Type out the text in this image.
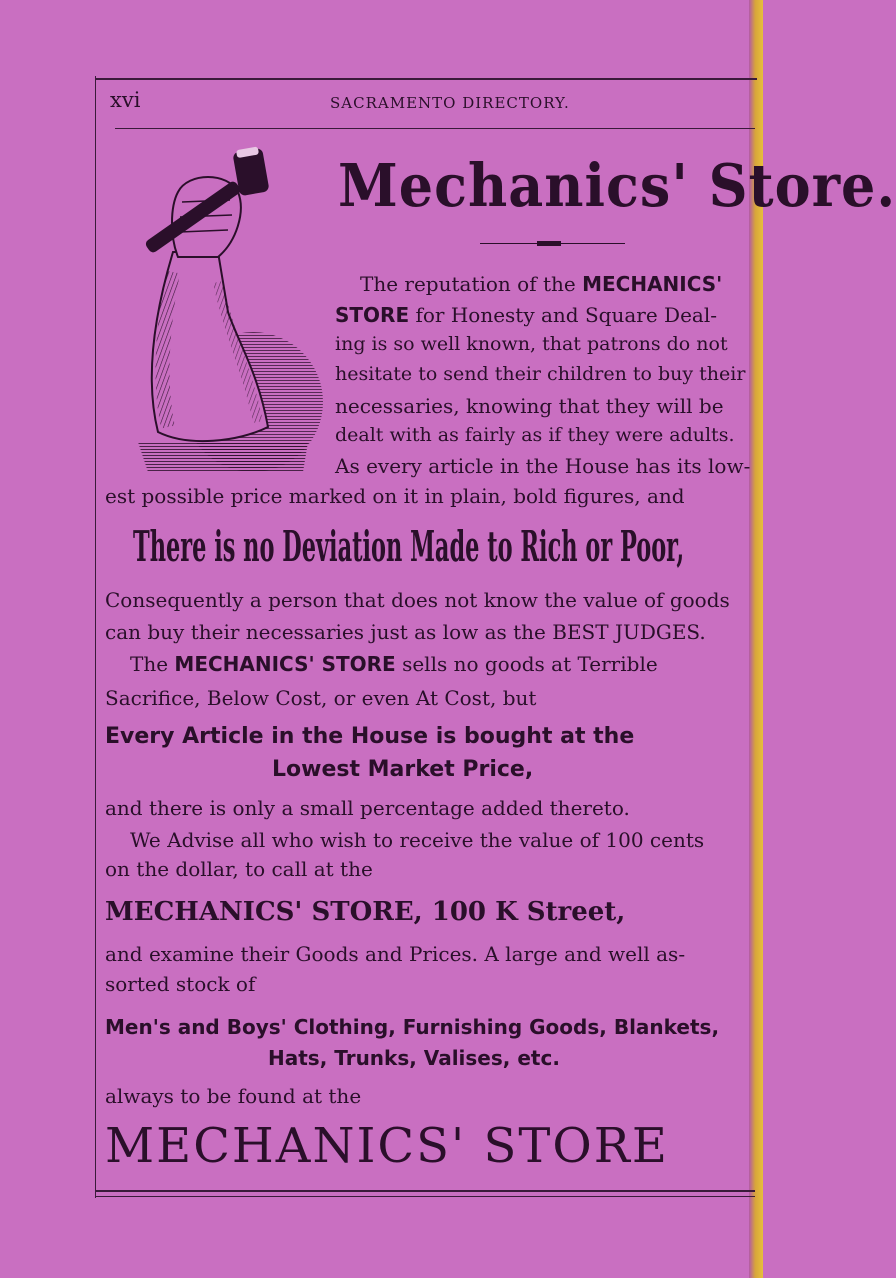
xvi	SACRAMENTO DIRECTORY.
Mechanics' Store.
The reputation of the MECHANICS'
STORE for Honesty and Square Deal-
ing is so well known, that patrons do not
hesitate to send their children to buy their
necessaries, knowing that they will be
dealt with as fairly as if they were adults.
As every article in the House has its low-
est possible price marked on it in plain, bold figures, and
There is no Deviation Made to Rich or Poor,
Consequently a person that does not know the value of goods
can buy their necessaries just as low as the BEST JUDGES.
The MECHANICS' STORE sells no goods at Terrible
Sacrifice, Below Cost, or even At Cost, but
Every Article in the House is bought at the
Lowest Market Price,
and there is only a small percentage added thereto.
We Advise all who wish to receive the value of 100 cents
on the dollar, to call at the
MECHANICS' STORE, 100 K Street,
and examine their Goods and Prices. A large and well as-
sorted stock of
Men's and Boys' Clothing, Furnishing Goods, Blankets,
Hats, Trunks, Valises, etc.
always to be found at the
MECHANICS' STORE
